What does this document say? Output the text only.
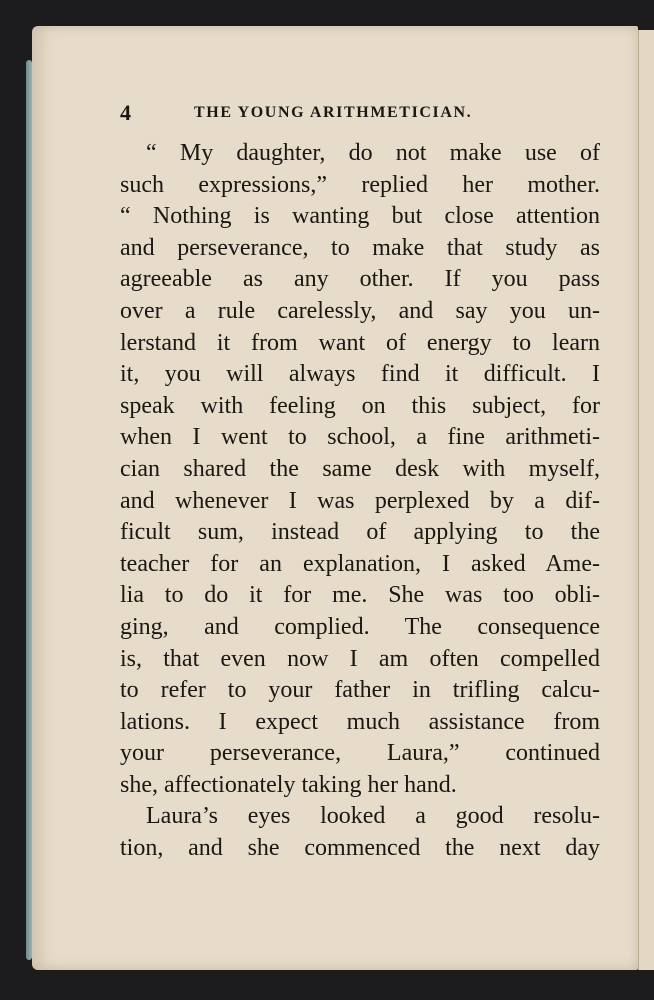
4	THE YOUNG ARITHMETICIAN.
“ My daughter, do not make use of
such expressions,” replied her mother.
“ Nothing is wanting but close attention
and perseverance, to make that study as
agreeable as any other. If you pass
over a rule carelessly, and say you un-
lerstand it from want of energy to learn
it, you will always find it difficult. I
speak with feeling on this subject, for
when I went to school, a fine arithmeti-
cian shared the same desk with myself,
and whenever I was perplexed by a dif-
ficult sum, instead of applying to the
teacher for an explanation, I asked Ame-
lia to do it for me. She was too obli-
ging, and complied. The consequence
is, that even now I am often compelled
to refer to your father in trifling calcu-
lations. I expect much assistance from
your perseverance, Laura,” continued
she, affectionately taking her hand.
Laura’s eyes looked a good resolu-
tion, and she commenced the next day
